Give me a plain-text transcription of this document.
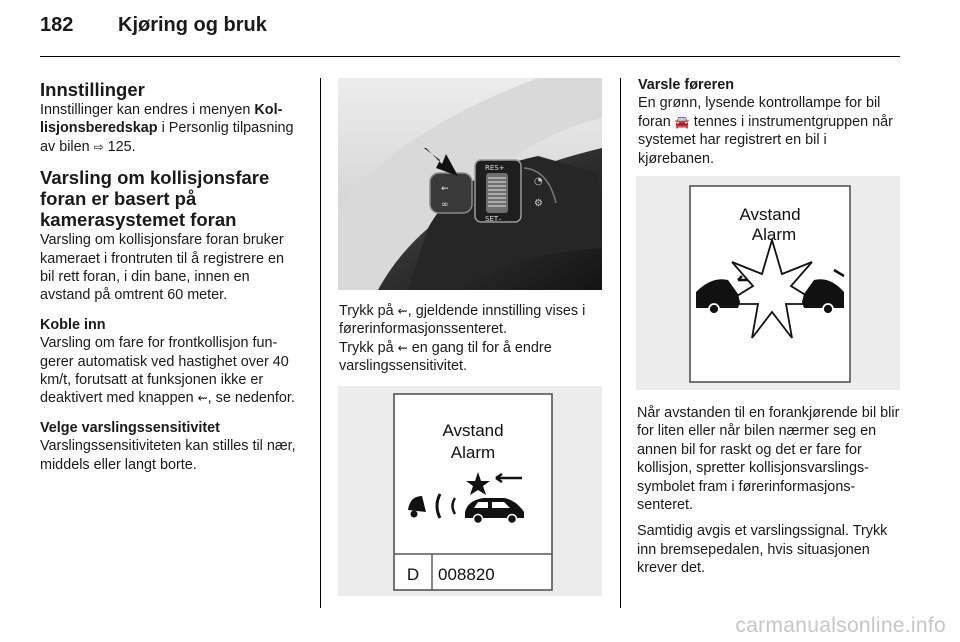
182 Kjøring og bruk
Innstillinger

Innstillinger kan endres i menyen Kollisjonsberedskap i Personlig tilpasning av bilen ⇨ 125.

Varsling om kollisjonsfare foran er basert på kamerasystemet foran

Varsling om kollisjonsfare foran bruker kameraet i frontruten til å registrere en bil rett foran, i din bane, innen en avstand på omtrent 60 meter.

Koble inn

Varsling om fare for frontkollisjon fungerer automatisk ved hastighet over 40 km/t, forutsatt at funksjonen ikke er deaktivert med knappen ⇜, se nedenfor.

Velge varslingssensitivitet

Varslingssensitiviteten kan stilles til nær, middels eller langt borte.

⇜
∞
RES+
SET–
◔
⚙

Trykk på ⇜, gjeldende innstilling vises i førerinformasjonssenteret.
Trykk på ⇜ en gang til for å endre varslingssensitivitet.

Avstand
Alarm
D 008820
Varsle føreren

En grønn, lysende kontrollampe for bil foran 🚘 tennes i instrumentgruppen når systemet har registrert en bil i kjørebanen.

Avstand
Alarm

Når avstanden til en forankjørende bil blir for liten eller når bilen nærmer seg en annen bil for raskt og det er fare for kollisjon, spretter kollisjonsvarslingssymbolet fram i førerinformasjonssenteret.

Samtidig avgis et varslingssignal. Trykk inn bremsepedalen, hvis situasjonen krever det.

carmanualsonline.info
